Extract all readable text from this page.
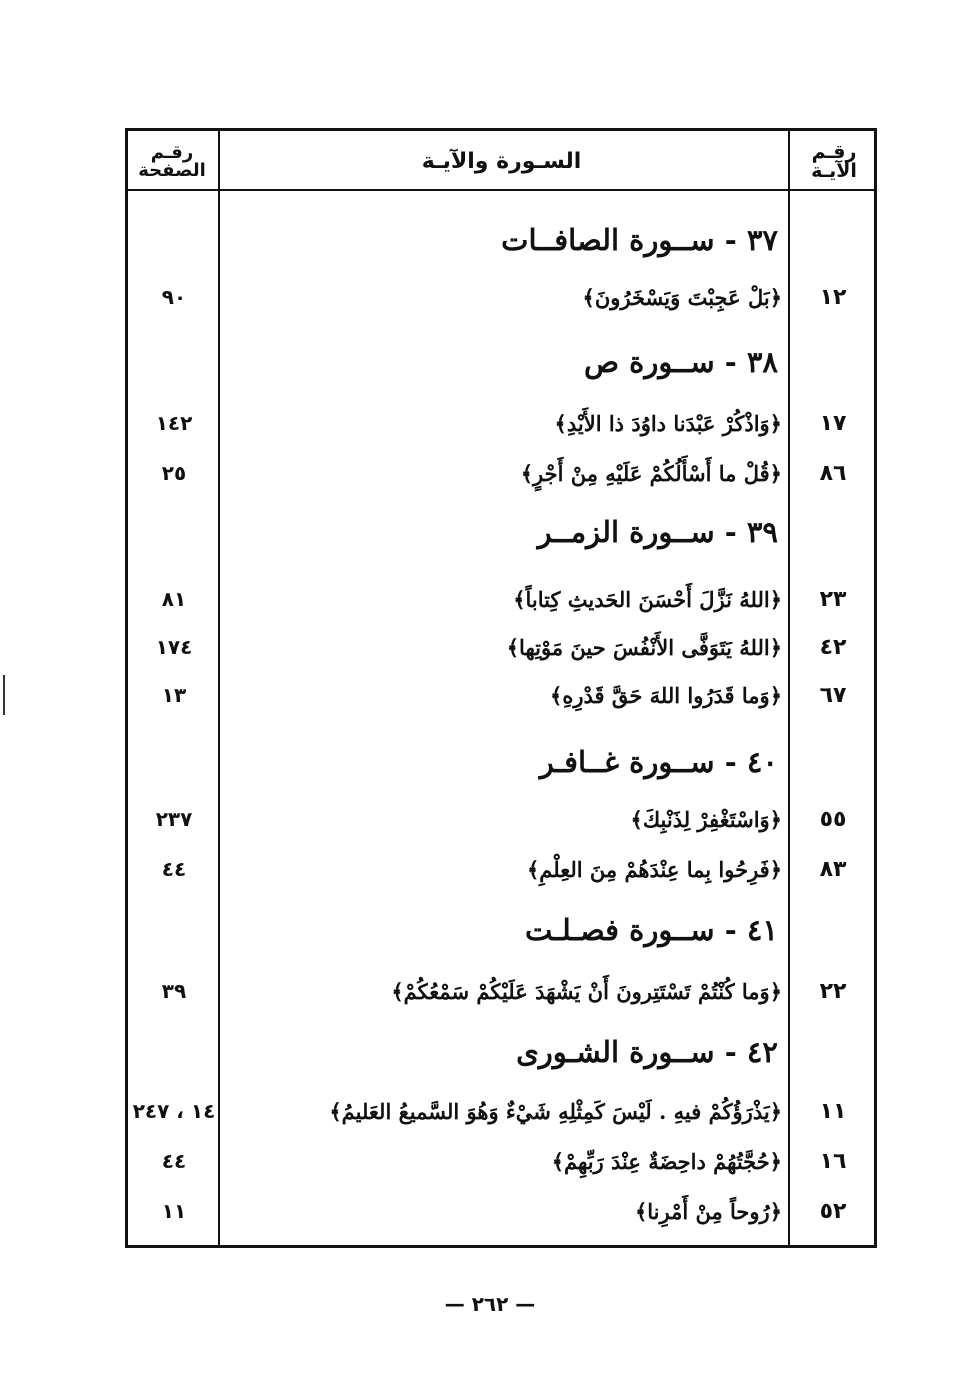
رقـم الآيـة
السـورة والآيـة
رقـم الصفحة
٣٧ - ســورة الصافــات
١٢
﴿بَلْ عَجِبْتَ وَيَسْخَرُونَ﴾
٩٠
٣٨ - ســورة ص
١٧
﴿وَاذْكُرْ عَبْدَنا داوُدَ ذا الأَيْدِ﴾
١٤٢
٨٦
﴿قُلْ ما أَسْأَلُكُمْ عَلَيْهِ مِنْ أَجْرٍ﴾
٢٥
٣٩ - ســورة الزمــر
٢٣
﴿اللهُ نَزَّلَ أَحْسَنَ الحَديثِ كِتاباً﴾
٨١
٤٢
﴿اللهُ يَتَوَفَّى الأَنْفُسَ حينَ مَوْتِها﴾
١٧٤
٦٧
﴿وَما قَدَرُوا اللهَ حَقَّ قَدْرِهِ﴾
١٣
٤٠ - ســورة غــافـر
٥٥
﴿وَاسْتَغْفِرْ لِذَنْبِكَ﴾
٢٣٧
٨٣
﴿فَرِحُوا بِما عِنْدَهُمْ مِنَ العِلْمِ﴾
٤٤
٤١ - ســورة فصـلـت
٢٢
﴿وَما كُنْتُمْ تَسْتَتِرونَ أَنْ يَشْهَدَ عَلَيْكُمْ سَمْعُكُمْ﴾
٣٩
٤٢ - ســورة الشـورى
١١
﴿يَذْرَؤُكُمْ فيهِ . لَيْسَ كَمِثْلِهِ شَيْءٌ وَهُوَ السَّميعُ العَليمُ﴾
١٤ ، ٢٤٧
١٦
﴿حُجَّتُهُمْ داحِضَةٌ عِنْدَ رَبِّهِمْ﴾
٤٤
٥٢
﴿رُوحاً مِنْ أَمْرِنا﴾
١١
— ٢٦٢ —
